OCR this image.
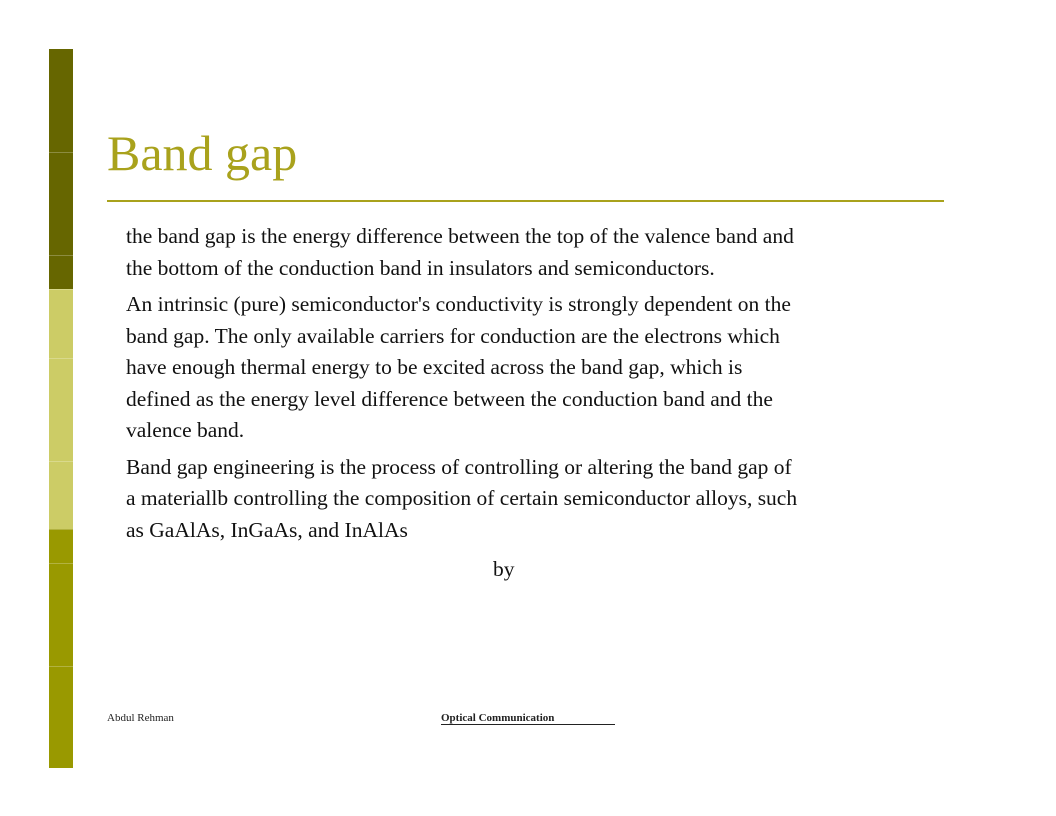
Band gap

the band gap is the energy difference between the top of the valence band and the bottom of the conduction band in insulators and semiconductors.

An intrinsic (pure) semiconductor's conductivity is strongly dependent on the band gap. The only available carriers for conduction are the electrons which have enough thermal energy to be excited across the band gap, which is defined as the energy level difference between the conduction band and the valence band.

Band gap engineering is the process of controlling or altering the band gap of a materiallb controlling the composition of certain semiconductor alloys, such as GaAlAs, InGaAs, and InAlAs

by
Abdul Rehman	Optical Communication
